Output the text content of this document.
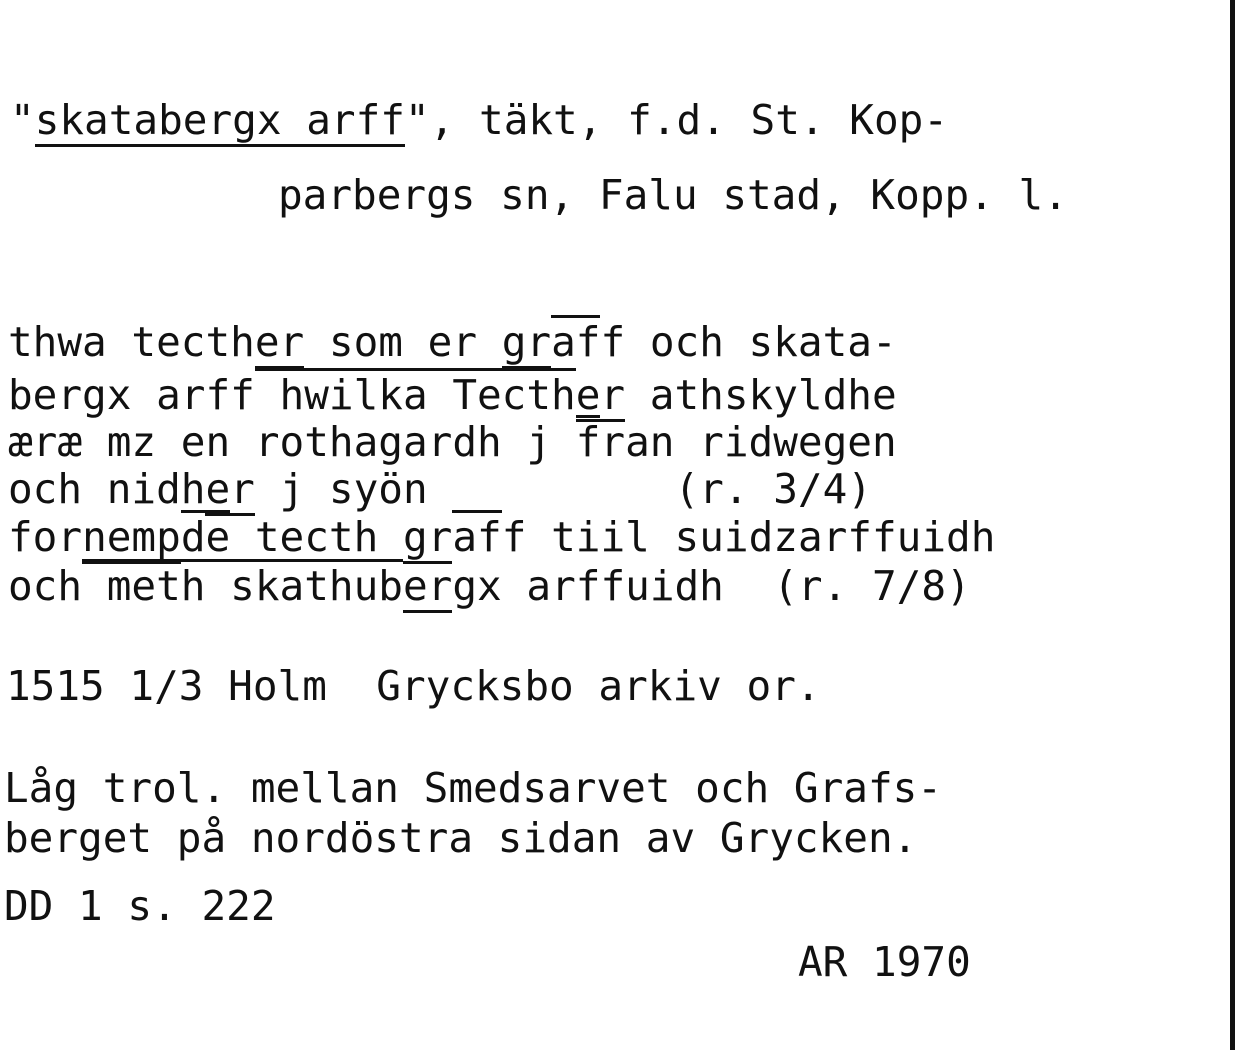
"skatabergx arff", täkt, f.d. St. Kop-
parbergs sn, Falu stad, Kopp. l.
thwa tecther som er graff och skata-
bergx arff hwilka Tecther athskyldhe
æræ mz en rothagardh j fran ridwegen
och nidher j syön          (r. 3/4)
fornempde tecth graff tiil suidzarffuidh
och meth skathubergx arffuidh  (r. 7/8)
1515 1/3 Holm  Grycksbo arkiv or.
Låg trol. mellan Smedsarvet och Grafs-
berget på nordöstra sidan av Grycken.
DD 1 s. 222
AR 1970
